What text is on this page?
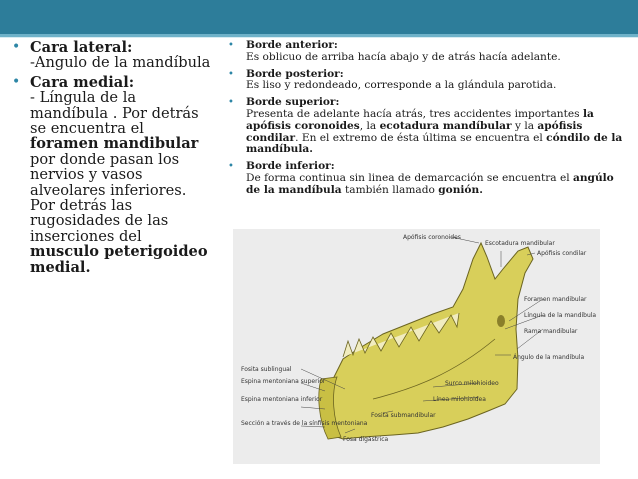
• Cara lateral:
-Angulo de la mandíbula
• Cara medial:
- Língula de la mandíbula . Por detrás se encuentra el foramen mandibular por donde pasan los nervios y vasos alveolares inferiores. Por detrás las rugosidades de las inserciones del musculo peterigoideo medial.
• Borde anterior:
Es oblicuo de arriba hacía abajo y de atrás hacía adelante.
• Borde posterior:
Es liso y redondeado, corresponde a la glándula parotida.
• Borde superior:
Presenta de adelante hacía atrás, tres accidentes importantes la apófisis coronoides, la ecotadura mandíbular y la apófisis condilar. En el extremo de ésta última se encuentra el cóndilo de la mandíbula.
• Borde inferior:
De forma continua sin linea de demarcación se encuentra el angúlo de la mandíbula también llamado gonión.
Apófisis coronoides
Escotadura mandibular
Apófisis condilar
Foramen mandibular
Língula de la mandíbula
Rama mandibular
Ángulo de la mandíbula
Surco milohioideo
Línea milohioidea
Fosita sublingual
Espina mentoniana superior
Espina mentoniana inferior
Sección a través de la sínfisis mentoniana
Fosita submandibular
Fosa digástrica
